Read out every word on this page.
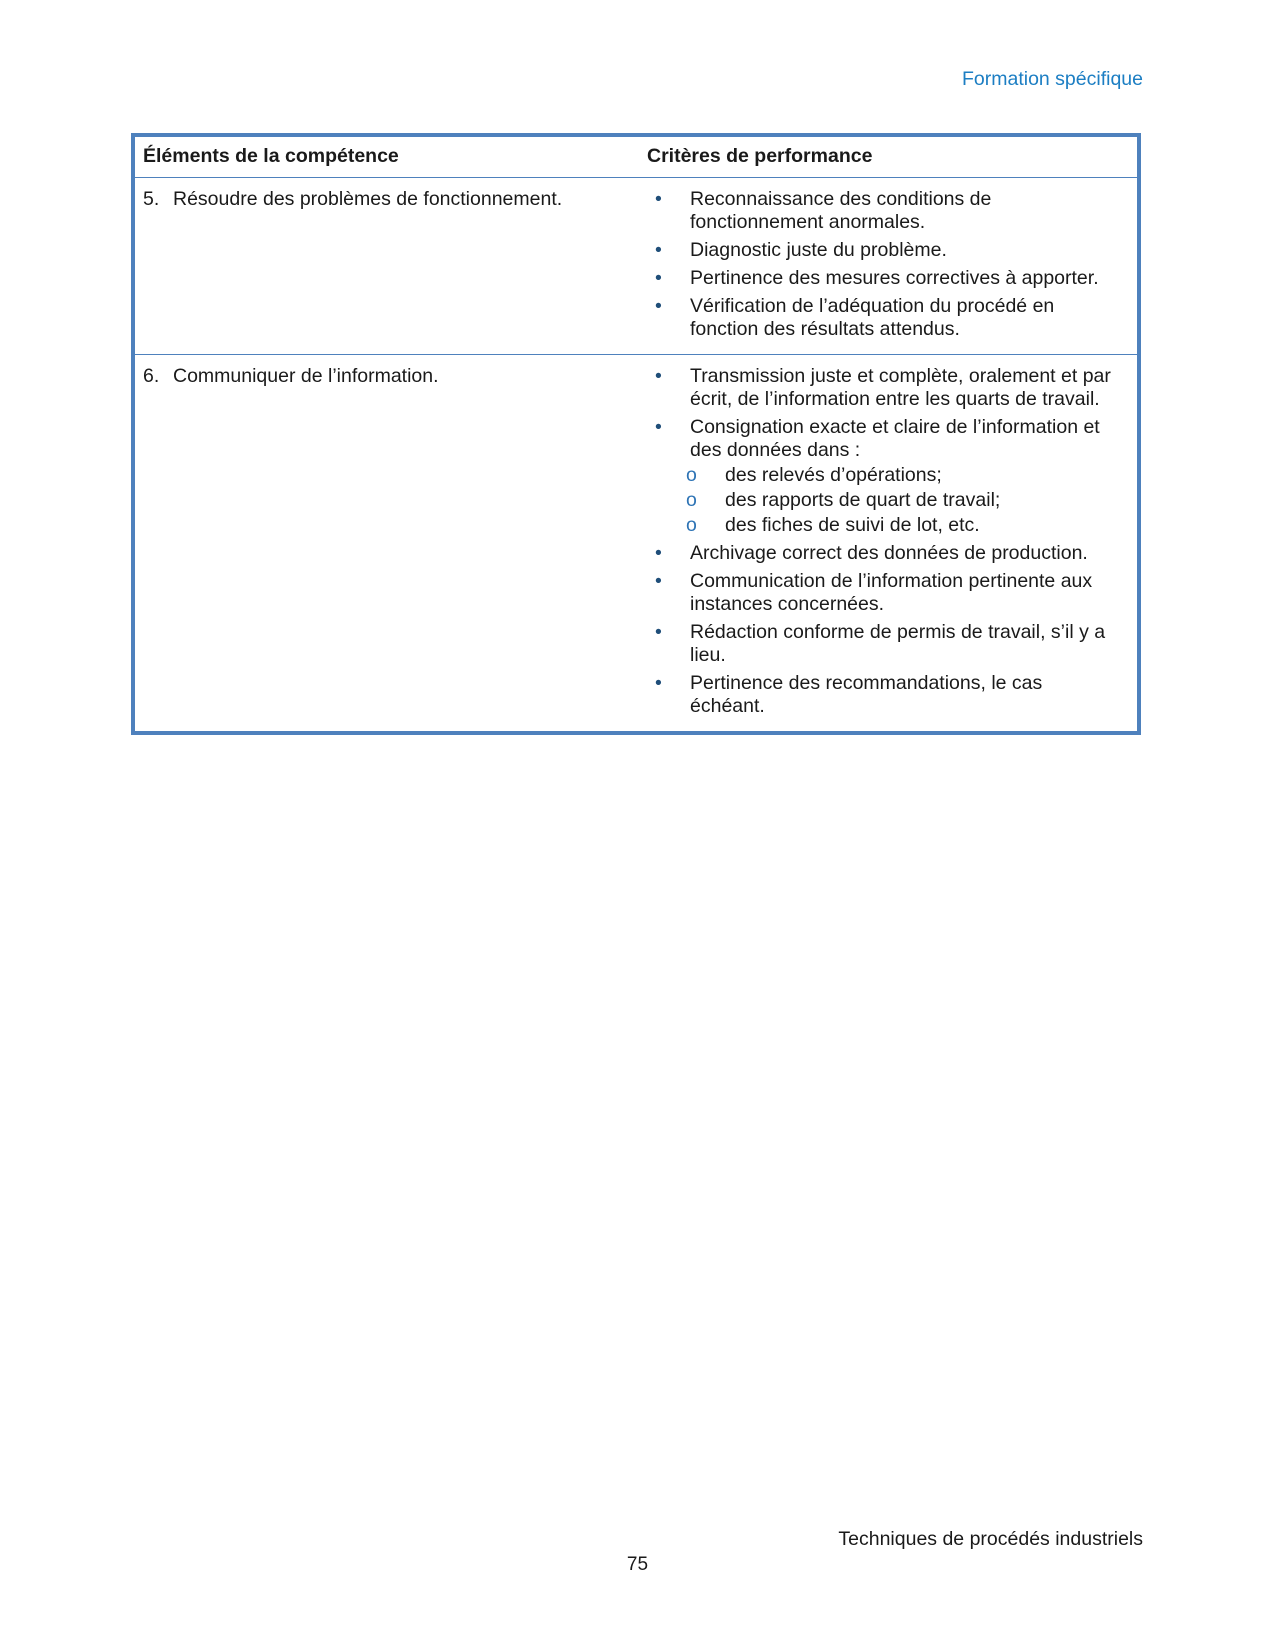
Formation spécifique
Éléments de la compétence	Critères de performance
5. Résoudre des problèmes de fonctionnement.	•	Reconnaissance des conditions de fonctionnement anormales.
•	Diagnostic juste du problème.
•	Pertinence des mesures correctives à apporter.
•	Vérification de l’adéquation du procédé en fonction des résultats attendus.
6. Communiquer de l’information.	•	Transmission juste et complète, oralement et par écrit, de l’information entre les quarts de travail.
•	Consignation exacte et claire de l’information et des données dans :
o	des relevés d’opérations;
o	des rapports de quart de travail;
o	des fiches de suivi de lot, etc.
•	Archivage correct des données de production.
•	Communication de l’information pertinente aux instances concernées.
•	Rédaction conforme de permis de travail, s’il y a lieu.
•	Pertinence des recommandations, le cas échéant.
Techniques de procédés industriels
75
